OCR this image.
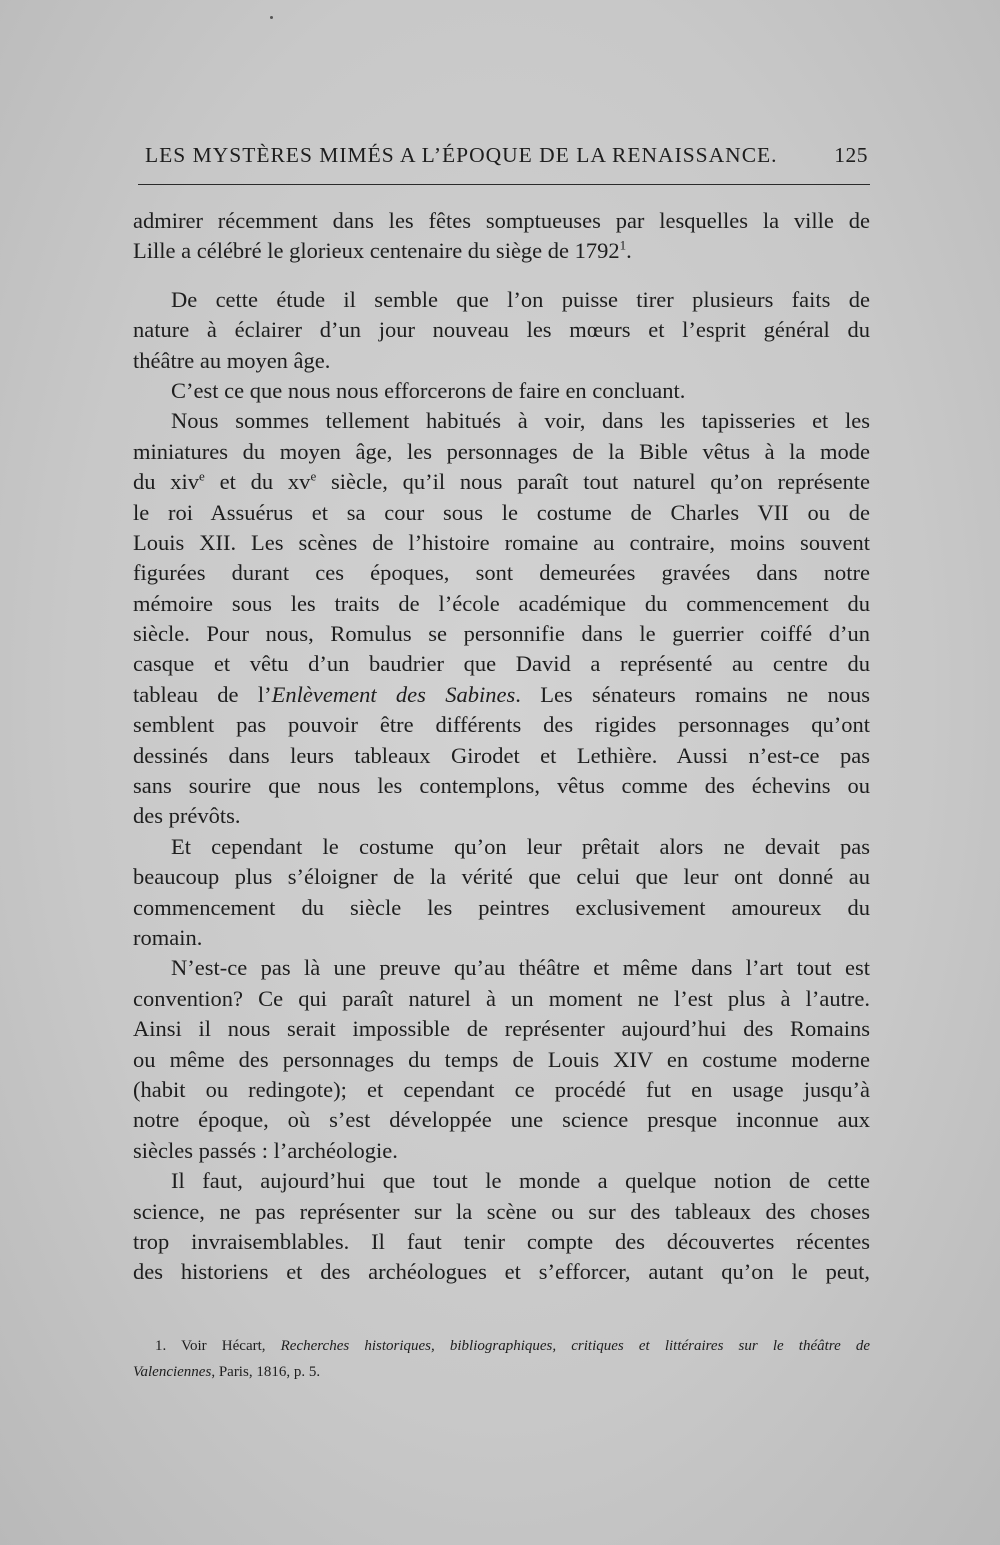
LES MYSTÈRES MIMÉS A L’ÉPOQUE DE LA RENAISSANCE.	125
admirer récemment dans les fêtes somptueuses par lesquelles la ville de
Lille a célébré le glorieux centenaire du siège de 1792$^1$.
De cette étude il semble que l’on puisse tirer plusieurs faits de
nature à éclairer d’un jour nouveau les mœurs et l’esprit général du
théâtre au moyen âge.
C’est ce que nous nous efforcerons de faire en concluant.
Nous sommes tellement habitués à voir, dans les tapisseries et les
miniatures du moyen âge, les personnages de la Bible vêtus à la mode
du xiv$^e$ et du $xv^e$ siècle, qu’il nous paraît tout naturel qu’on représente
le roi Assuérus et sa cour sous le costume de Charles VII ou de
Louis XII. Les scènes de l’histoire romaine au contraire, moins souvent
figurées durant ces époques, sont demeurées gravées dans notre
mémoire sous les traits de l’école académique du commencement du
siècle. Pour nous, Romulus se personnifie dans le guerrier coiffé d’un
casque et vêtu d’un baudrier que David a représenté au centre du
tableau de l’Enlèvement des Sabines. Les sénateurs romains ne nous
semblent pas pouvoir être différents des rigides personnages qu’ont
dessinés dans leurs tableaux Girodet et Lethière. Aussi n’est-ce pas
sans sourire que nous les contemplons, vêtus comme des échevins ou
des prévôts.
Et cependant le costume qu’on leur prêtait alors ne devait pas
beaucoup plus s’éloigner de la vérité que celui que leur ont donné au
commencement du siècle les peintres exclusivement amoureux du
romain.
N’est-ce pas là une preuve qu’au théâtre et même dans l’art tout est
convention? Ce qui paraît naturel à un moment ne l’est plus à l’autre.
Ainsi il nous serait impossible de représenter aujourd’hui des Romains
ou même des personnages du temps de Louis XIV en costume moderne
(habit ou redingote); et cependant ce procédé fut en usage jusqu’à
notre époque, où s’est développée une science presque inconnue aux
siècles passés : l’archéologie.
Il faut, aujourd’hui que tout le monde a quelque notion de cette
science, ne pas représenter sur la scène ou sur des tableaux des choses
trop invraisemblables. Il faut tenir compte des découvertes récentes
des historiens et des archéologues et s’efforcer, autant qu’on le peut,
1. Voir Hécart, Recherches historiques, bibliographiques, critiques et littéraires sur le théâtre de
Valenciennes, Paris, 1816, p. 5.
